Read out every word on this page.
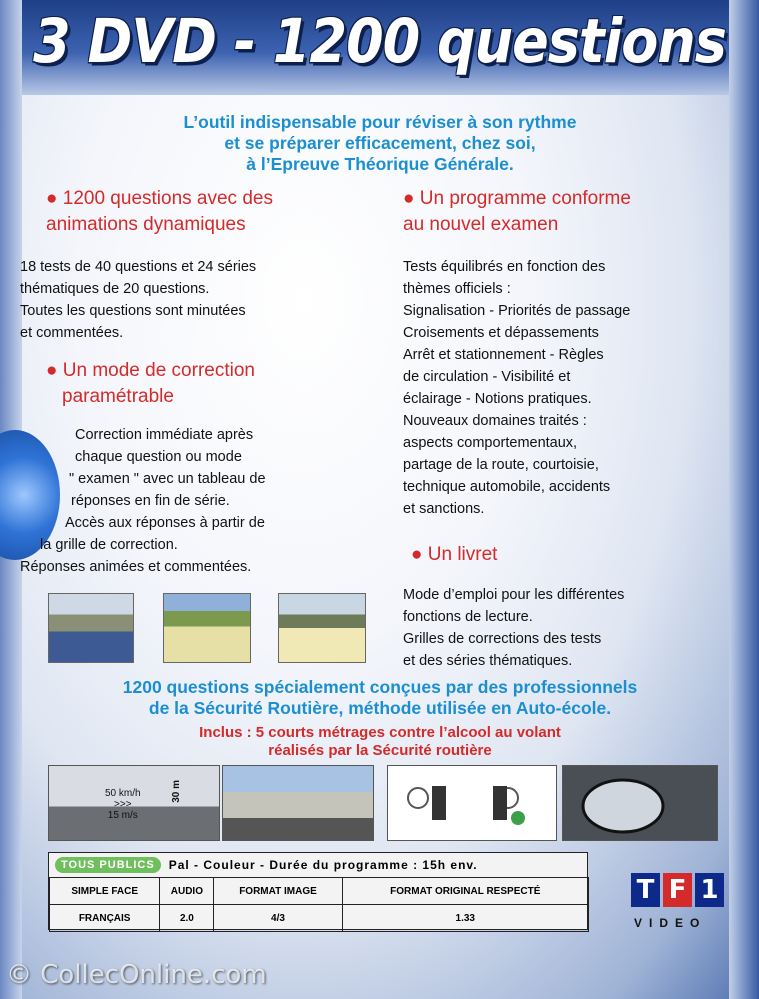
3 DVD - 1200 questions
L’outil indispensable pour réviser à son rythme
et se préparer efficacement, chez soi,
à l’Epreuve Théorique Générale.
● 1200 questions avec des
animations dynamiques
18 tests de 40 questions et 24 séries
thématiques de 20 questions.
Toutes les questions sont minutées
et commentées.
● Un mode de correction
paramétrable
Correction immédiate après
chaque question ou mode
" examen " avec un tableau de
réponses en fin de série.
Accès aux réponses à partir de
la grille de correction.
Réponses animées et commentées.
● Un programme conforme
au nouvel examen
Tests équilibrés en fonction des
thèmes officiels :
Signalisation - Priorités de passage
Croisements et dépassements
Arrêt et stationnement - Règles
de circulation - Visibilité et
éclairage - Notions pratiques.
Nouveaux domaines traités :
aspects comportementaux,
partage de la route, courtoisie,
technique automobile, accidents
et sanctions.
● Un livret
Mode d’emploi pour les différentes
fonctions de lecture.
Grilles de corrections des tests
et des séries thématiques.
1200 questions spécialement conçues par des professionnels
de la Sécurité Routière, méthode utilisée en Auto-école.
Inclus : 5 courts métrages contre l’alcool au volant
réalisés par la Sécurité routière
50 km/h
>>>
15 m/s
30 m
TOUS PUBLICS	Pal - Couleur - Durée du programme : 15h env.
SIMPLE FACE	AUDIO	FORMAT IMAGE	FORMAT ORIGINAL RESPECTÉ
FRANÇAIS	2.0	4/3	1.33
T F 1
VIDEO
© CollecOnline.com
